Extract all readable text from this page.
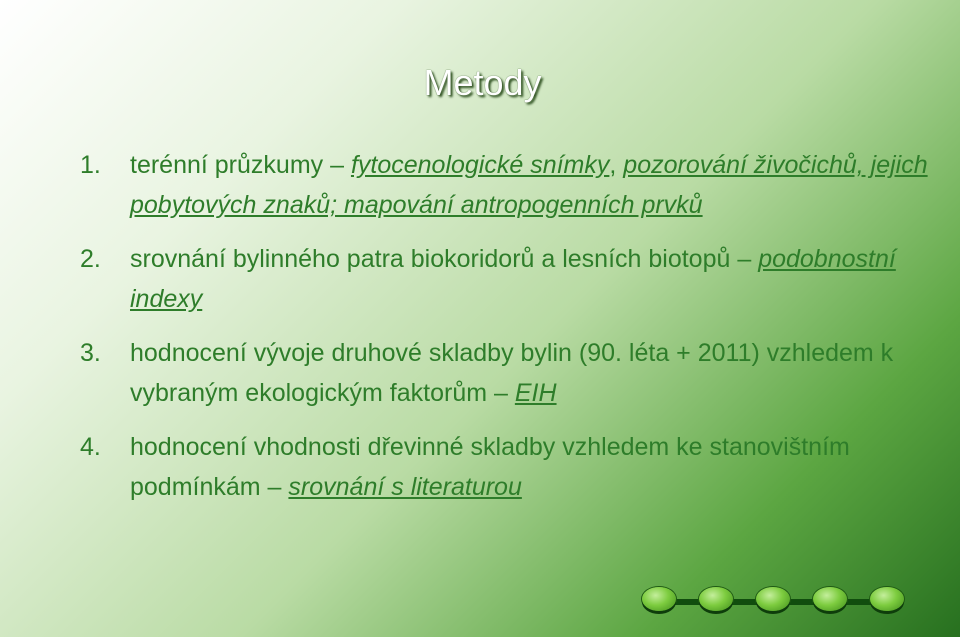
Metody
1. terénní průzkumy – fytocenologické snímky, pozorování živočichů, jejich pobytových znaků; mapování antropogenních prvků
2. srovnání bylinného patra biokoridorů a lesních biotopů – podobnostní indexy
3. hodnocení vývoje druhové skladby bylin (90. léta + 2011) vzhledem k vybraným ekologickým faktorům – EIH
4. hodnocení vhodnosti dřevinné skladby vzhledem ke stanovištním podmínkám – srovnání s literaturou
